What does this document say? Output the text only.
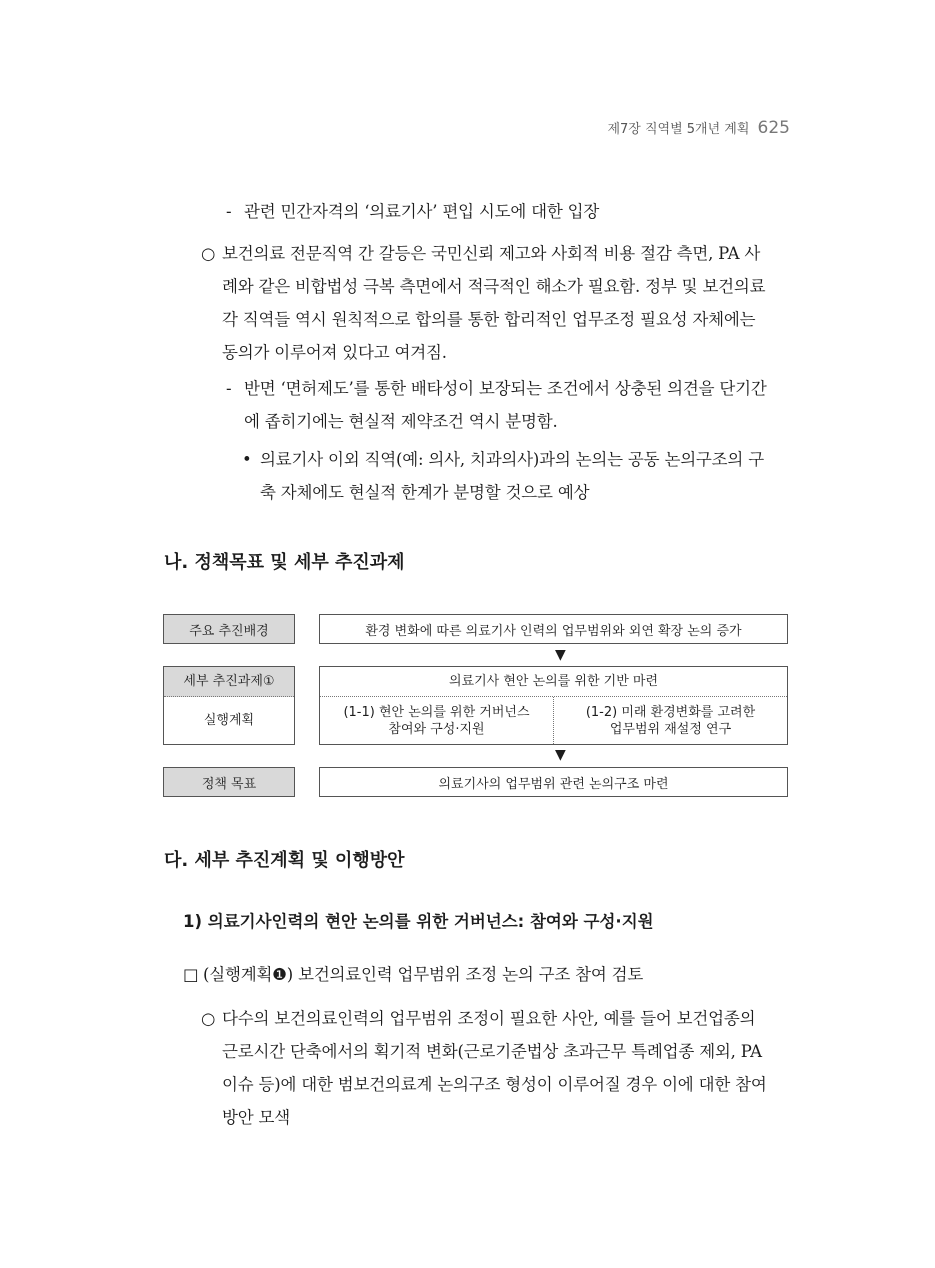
제7장 직역별 5개년 계획 625
- 관련 민간자격의 ‘의료기사’ 편입 시도에 대한 입장
○ 보건의료 전문직역 간 갈등은 국민신뢰 제고와 사회적 비용 절감 측면, PA 사
례와 같은 비합법성 극복 측면에서 적극적인 해소가 필요함. 정부 및 보건의료
각 직역들 역시 원칙적으로 합의를 통한 합리적인 업무조정 필요성 자체에는
동의가 이루어져 있다고 여겨짐.
- 반면 ‘면허제도’를 통한 배타성이 보장되는 조건에서 상충된 의견을 단기간
에 좁히기에는 현실적 제약조건 역시 분명함.
• 의료기사 이외 직역(예: 의사, 치과의사)과의 논의는 공동 논의구조의 구
축 자체에도 현실적 한계가 분명할 것으로 예상
나. 정책목표 및 세부 추진과제
주요 추진배경	환경 변화에 따른 의료기사 인력의 업무범위와 외연 확장 논의 증가
▼
세부 추진과제①
실행계획
의료기사 현안 논의를 위한 기반 마련
(1-1) 현안 논의를 위한 거버넌스
참여와 구성·지원
(1-2) 미래 환경변화를 고려한
업무범위 재설정 연구
▼
정책 목표	의료기사의 업무범위 관련 논의구조 마련
다. 세부 추진계획 및 이행방안
1) 의료기사인력의 현안 논의를 위한 거버넌스: 참여와 구성·지원
□ (실행계획❶) 보건의료인력 업무범위 조정 논의 구조 참여 검토
○ 다수의 보건의료인력의 업무범위 조정이 필요한 사안, 예를 들어 보건업종의
근로시간 단축에서의 획기적 변화(근로기준법상 초과근무 특례업종 제외, PA
이슈 등)에 대한 범보건의료계 논의구조 형성이 이루어질 경우 이에 대한 참여
방안 모색
